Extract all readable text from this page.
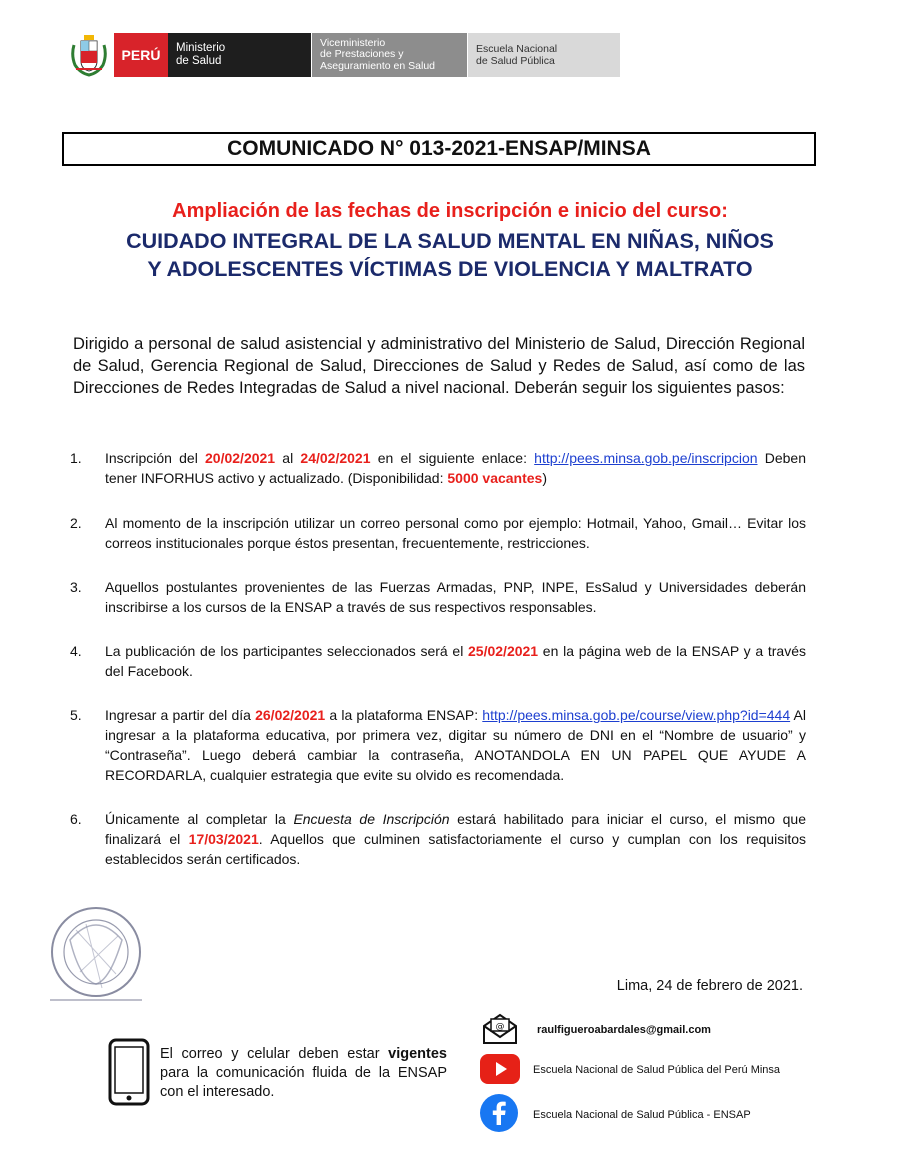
PERÚ	Ministerio
de Salud
Viceministerio
de Prestaciones y
Aseguramiento en Salud
Escuela Nacional
de Salud Pública
COMUNICADO N° 013-2021-ENSAP/MINSA
Ampliación de las fechas de inscripción e inicio del curso:
CUIDADO INTEGRAL DE LA SALUD MENTAL EN NIÑAS, NIÑOS Y ADOLESCENTES VÍCTIMAS DE VIOLENCIA Y MALTRATO
Dirigido a personal de salud asistencial y administrativo del Ministerio de Salud, Dirección Regional de Salud, Gerencia Regional de Salud, Direcciones de Salud y Redes de Salud, así como de las Direcciones de Redes Integradas de Salud a nivel nacional. Deberán seguir los siguientes pasos:
1.	Inscripción del 20/02/2021 al 24/02/2021 en el siguiente enlace: http://pees.minsa.gob.pe/inscripcion Deben tener INFORHUS activo y actualizado. (Disponibilidad: 5000 vacantes)
2.	Al momento de la inscripción utilizar un correo personal como por ejemplo: Hotmail, Yahoo, Gmail… Evitar los correos institucionales porque éstos presentan, frecuentemente, restricciones.
3.	Aquellos postulantes provenientes de las Fuerzas Armadas, PNP, INPE, EsSalud y Universidades deberán inscribirse a los cursos de la ENSAP a través de sus respectivos responsables.
4.	La publicación de los participantes seleccionados será el 25/02/2021 en la página web de la ENSAP y a través del Facebook.
5.	Ingresar a partir del día 26/02/2021 a la plataforma ENSAP: http://pees.minsa.gob.pe/course/view.php?id=444 Al ingresar a la plataforma educativa, por primera vez, digitar su número de DNI en el “Nombre de usuario” y “Contraseña”. Luego deberá cambiar la contraseña, ANOTANDOLA EN UN PAPEL QUE AYUDE A RECORDARLA, cualquier estrategia que evite su olvido es recomendada.
6.	Únicamente al completar la Encuesta de Inscripción estará habilitado para iniciar el curso, el mismo que finalizará el 17/03/2021. Aquellos que culminen satisfactoriamente el curso y cumplan con los requisitos establecidos serán certificados.
Lima, 24 de febrero de 2021.
El correo y celular deben estar vigentes para la comunicación fluida de la ENSAP con el interesado.
@	raulfigueroabardales@gmail.com
Escuela Nacional de Salud Pública del Perú Minsa
Escuela Nacional de Salud Pública - ENSAP
